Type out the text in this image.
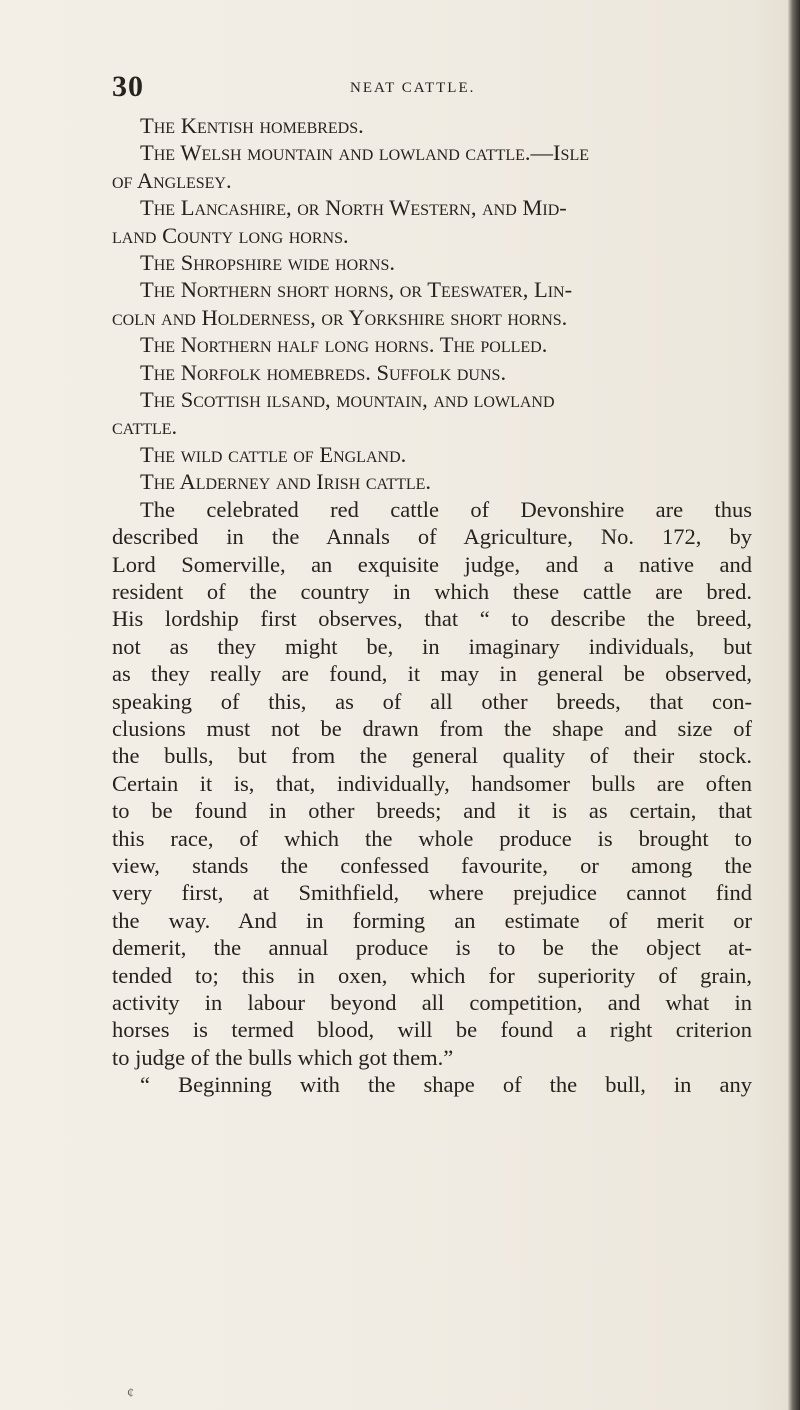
30	NEAT CATTLE.

The Kentish homebreds.

The Welsh mountain and lowland cattle.—Isle

of Anglesey.

The Lancashire, or North Western, and Mid-

land County long horns.

The Shropshire wide horns.

The Northern short horns, or Teeswater, Lin-

coln and Holderness, or Yorkshire short horns.

The Northern half long horns. The polled.

The Norfolk homebreds. Suffolk duns.

The Scottish ilsand, mountain, and lowland

cattle.

The wild cattle of England.

The Alderney and Irish cattle.

The celebrated red cattle of Devonshire are thus

described in the Annals of Agriculture, No. 172, by

Lord Somerville, an exquisite judge, and a native and

resident of the country in which these cattle are bred.

His lordship first observes, that “ to describe the breed,

not as they might be, in imaginary individuals, but

as they really are found, it may in general be observed,

speaking of this, as of all other breeds, that con-

clusions must not be drawn from the shape and size of

the bulls, but from the general quality of their stock.

Certain it is, that, individually, handsomer bulls are often

to be found in other breeds; and it is as certain, that

this race, of which the whole produce is brought to

view, stands the confessed favourite, or among the

very first, at Smithfield, where prejudice cannot find

the way. And in forming an estimate of merit or

demerit, the annual produce is to be the object at-

tended to; this in oxen, which for superiority of grain,

activity in labour beyond all competition, and what in

horses is termed blood, will be found a right criterion

to judge of the bulls which got them.”

“ Beginning with the shape of the bull, in any

¢
